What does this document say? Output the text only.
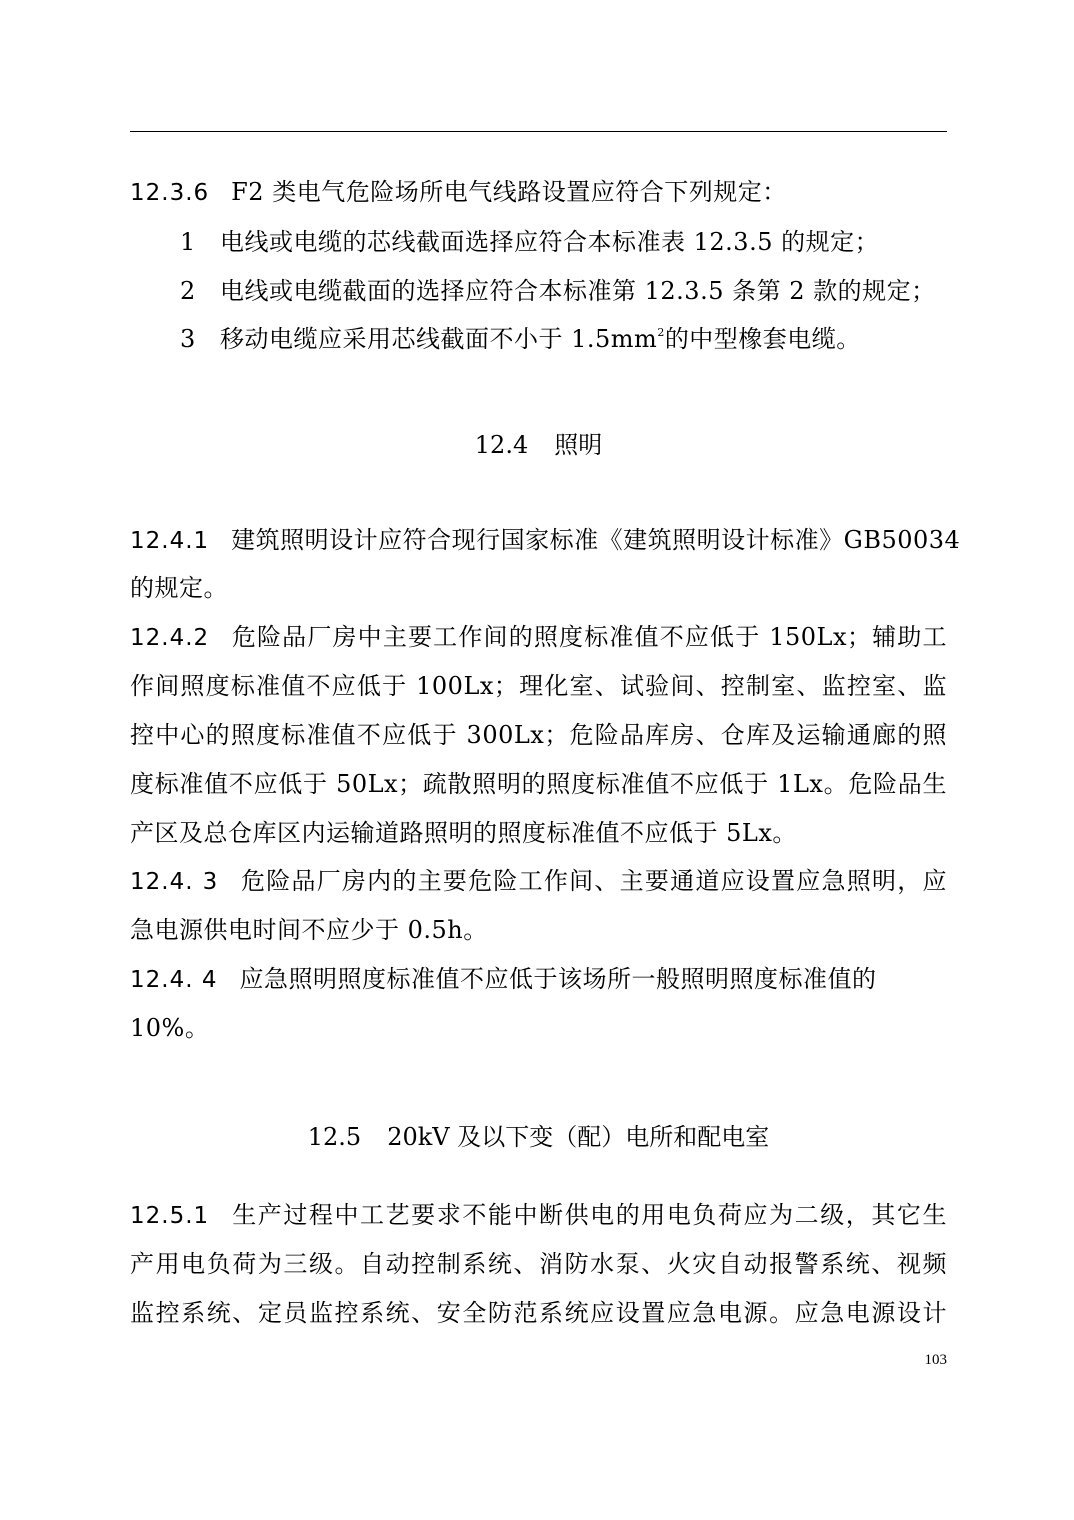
12.3.6 F2 类电气危险场所电气线路设置应符合下列规定：
1 电线或电缆的芯线截面选择应符合本标准表 12.3.5 的规定；
2 电线或电缆截面的选择应符合本标准第 12.3.5 条第 2 款的规定；
3 移动电缆应采用芯线截面不小于 $1.5mm^2$的中型橡套电缆。
12.4 照明
12.4.1 建筑照明设计应符合现行国家标准《建筑照明设计标准》GB50034
的规定。
12.4.2 危险品厂房中主要工作间的照度标准值不应低于 150Lx；辅助工
作间照度标准值不应低于 100Lx；理化室、试验间、控制室、监控室、监
控中心的照度标准值不应低于 300Lx；危险品库房、仓库及运输通廊的照
度标准值不应低于 50Lx；疏散照明的照度标准值不应低于 1Lx。危险品生
产区及总仓库区内运输道路照明的照度标准值不应低于 5Lx。
12.4. 3 危险品厂房内的主要危险工作间、主要通道应设置应急照明，应
急电源供电时间不应少于 0.5h。
12.4. 4 应急照明照度标准值不应低于该场所一般照明照度标准值的
10%。
12.5 20kV 及以下变（配）电所和配电室
12.5.1 生产过程中工艺要求不能中断供电的用电负荷应为二级，其它生
产用电负荷为三级。自动控制系统、消防水泵、火灾自动报警系统、视频
监控系统、定员监控系统、安全防范系统应设置应急电源。应急电源设计
103
